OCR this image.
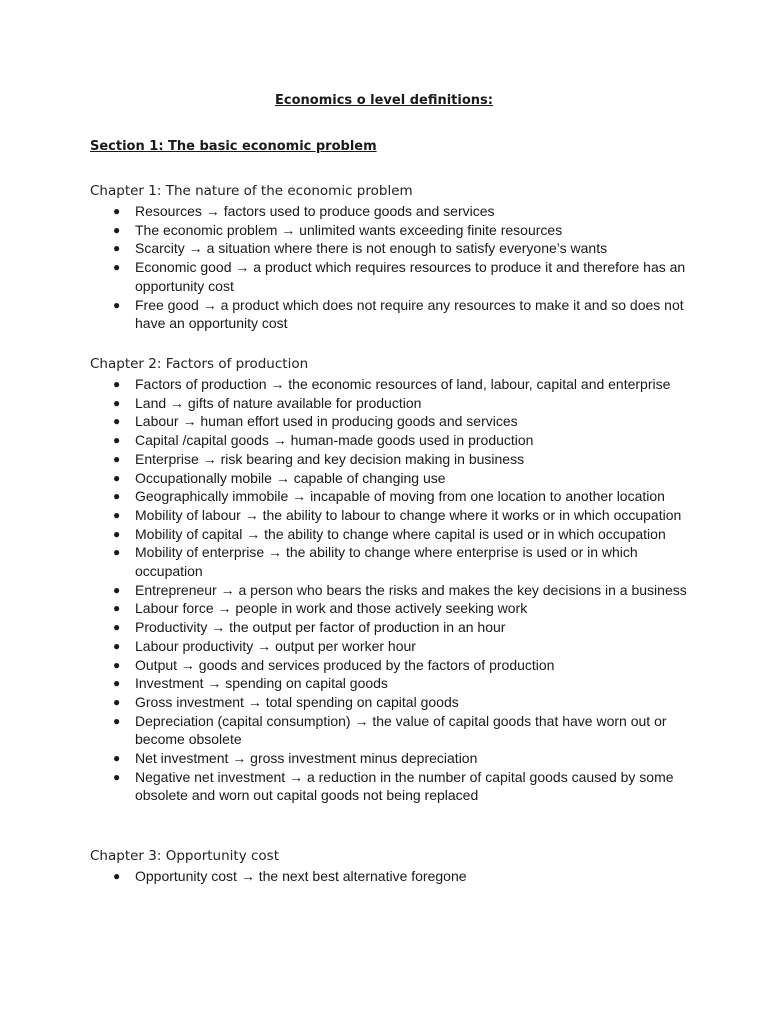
Economics o level definitions:
Section 1: The basic economic problem
Chapter 1: The nature of the economic problem
● Resources → factors used to produce goods and services
● The economic problem → unlimited wants exceeding finite resources
● Scarcity → a situation where there is not enough to satisfy everyone’s wants
● Economic good → a product which requires resources to produce it and therefore has an opportunity cost
● Free good → a product which does not require any resources to make it and so does not have an opportunity cost
Chapter 2: Factors of production
● Factors of production → the economic resources of land, labour, capital and enterprise
● Land → gifts of nature available for production
● Labour → human effort used in producing goods and services
● Capital /capital goods → human-made goods used in production
● Enterprise → risk bearing and key decision making in business
● Occupationally mobile → capable of changing use
● Geographically immobile → incapable of moving from one location to another location
● Mobility of labour → the ability to labour to change where it works or in which occupation
● Mobility of capital → the ability to change where capital is used or in which occupation
● Mobility of enterprise → the ability to change where enterprise is used or in which occupation
● Entrepreneur → a person who bears the risks and makes the key decisions in a business
● Labour force → people in work and those actively seeking work
● Productivity → the output per factor of production in an hour
● Labour productivity → output per worker hour
● Output → goods and services produced by the factors of production
● Investment → spending on capital goods
● Gross investment → total spending on capital goods
● Depreciation (capital consumption) → the value of capital goods that have worn out or become obsolete
● Net investment → gross investment minus depreciation
● Negative net investment → a reduction in the number of capital goods caused by some obsolete and worn out capital goods not being replaced
Chapter 3: Opportunity cost
● Opportunity cost → the next best alternative foregone
